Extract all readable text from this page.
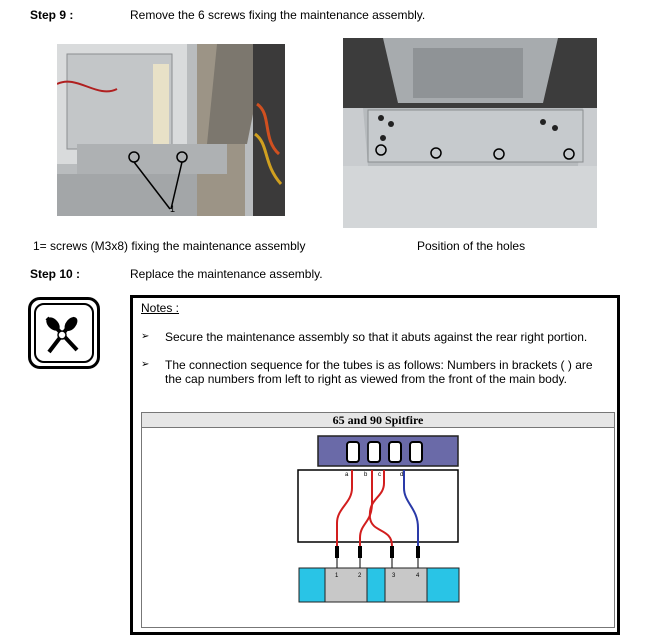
Step 9 :	Remove the 6 screws fixing the maintenance assembly.
1
1= screws (M3x8) fixing the maintenance assembly	Position of the holes
Step 10 :	Replace the maintenance assembly.
Notes :
➢ Secure the maintenance assembly so that it abuts against the rear right portion.
➢ The connection sequence for the tubes is as follows: Numbers in brackets ( ) are the cap numbers from left to right as viewed from the front of the main body.
65 and 90 Spitfire
a	b c	d
1	2	3	4
